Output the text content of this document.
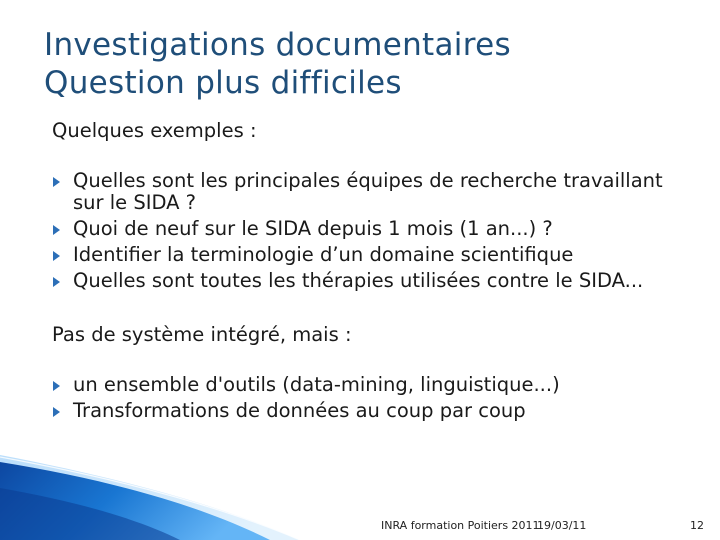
Investigations documentaires
Question plus difficiles
Quelques exemples :
Quelles sont les principales équipes de recherche travaillant sur le SIDA ?
Quoi de neuf sur le SIDA depuis 1 mois (1 an...) ?
Identifier la terminologie d’un domaine scientifique
Quelles sont toutes les thérapies utilisées contre le SIDA...
Pas de système intégré, mais :
un ensemble d'outils (data-mining, linguistique...)
Transformations de données au coup par coup
INRA formation Poitiers 2011
19/03/11	12
